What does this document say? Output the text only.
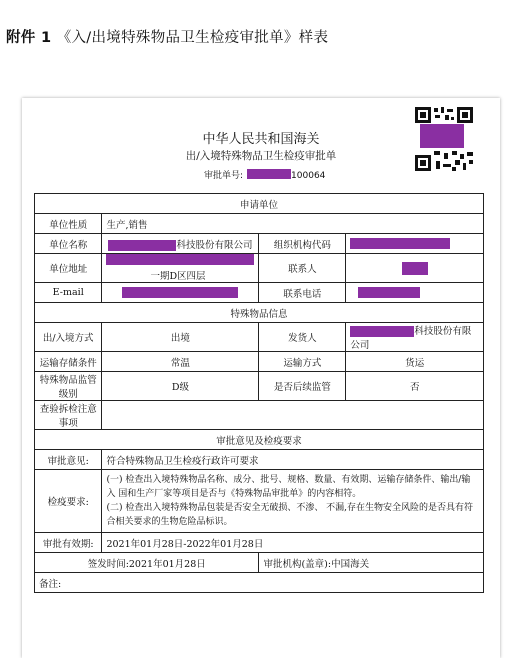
附件 1 《入/出境特殊物品卫生检疫审批单》样表
中华人民共和国海关
出/入境特殊物品卫生检疫审批单
审批单号:	100064
申请单位			
单位性质	生产,销售		
单位名称	科技股份有限公司	组织机构代码	
单位地址	一期D区四层	联系人	
E-mail		联系电话	
特殊物品信息			
出/入境方式	出境	发货人	科技股份有限公司
运输存储条件	常温	运输方式	货运
特殊物品监管级别	D级	是否后续监管	否
查验拆检注意事项			
审批意见及检疫要求			
审批意见:	符合特殊物品卫生检疫行政许可要求		
检疫要求:	(一) 检查出入境特殊物品名称、成分、批号、规格、数量、有效期、运输存储条件、输出/输入 国和生产厂家等项目是否与《特殊物品审批单》的内容相符。
(二) 检查出入境特殊物品包装是否安全无破损、不渗、 不漏,存在生物安全风险的是否具有符合相关要求的生物危险品标识。		

审批有效期:	2021年01月28日-2022年01月28日		
签发时间:2021年01月28日		审批机构(盖章):中国海关	
备注:			
